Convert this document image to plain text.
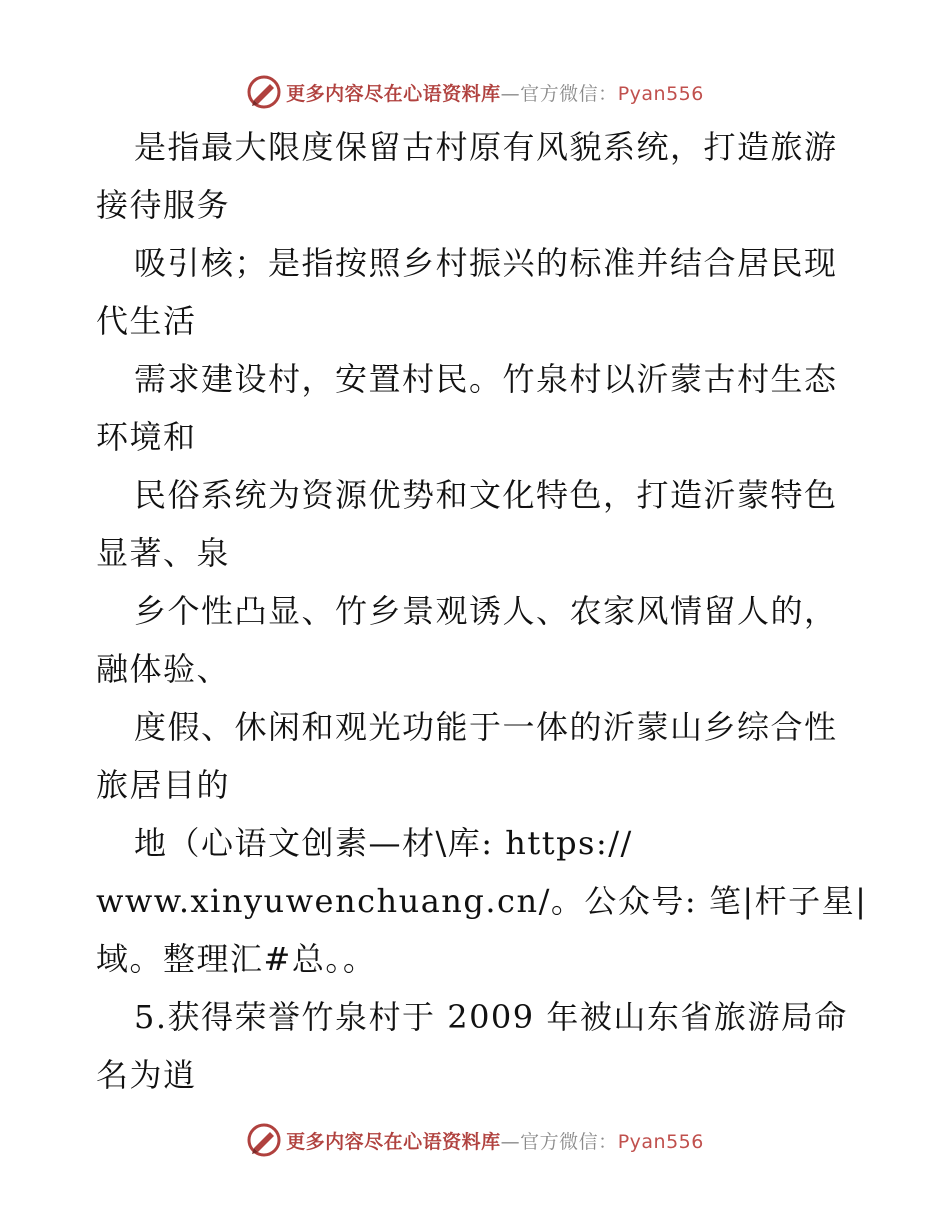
更多内容尽在心语资料库—官方微信：Pyan556
是指最大限度保留古村原有风貌系统，打造旅游
接待服务
吸引核；是指按照乡村振兴的标准并结合居民现
代生活
需求建设村，安置村民。竹泉村以沂蒙古村生态
环境和
民俗系统为资源优势和文化特色，打造沂蒙特色
显著、泉
乡个性凸显、竹乡景观诱人、农家风情留人的，
融体验、
度假、休闲和观光功能于一体的沂蒙山乡综合性
旅居目的
地（心语文创素—材\库: https://
www.xinyuwenchuang.cn/。公众号: 笔|杆子星|
域。整理汇#总。。
5.获得荣誉竹泉村于 2009 年被山东省旅游局命
名为逍
更多内容尽在心语资料库—官方微信：Pyan556
